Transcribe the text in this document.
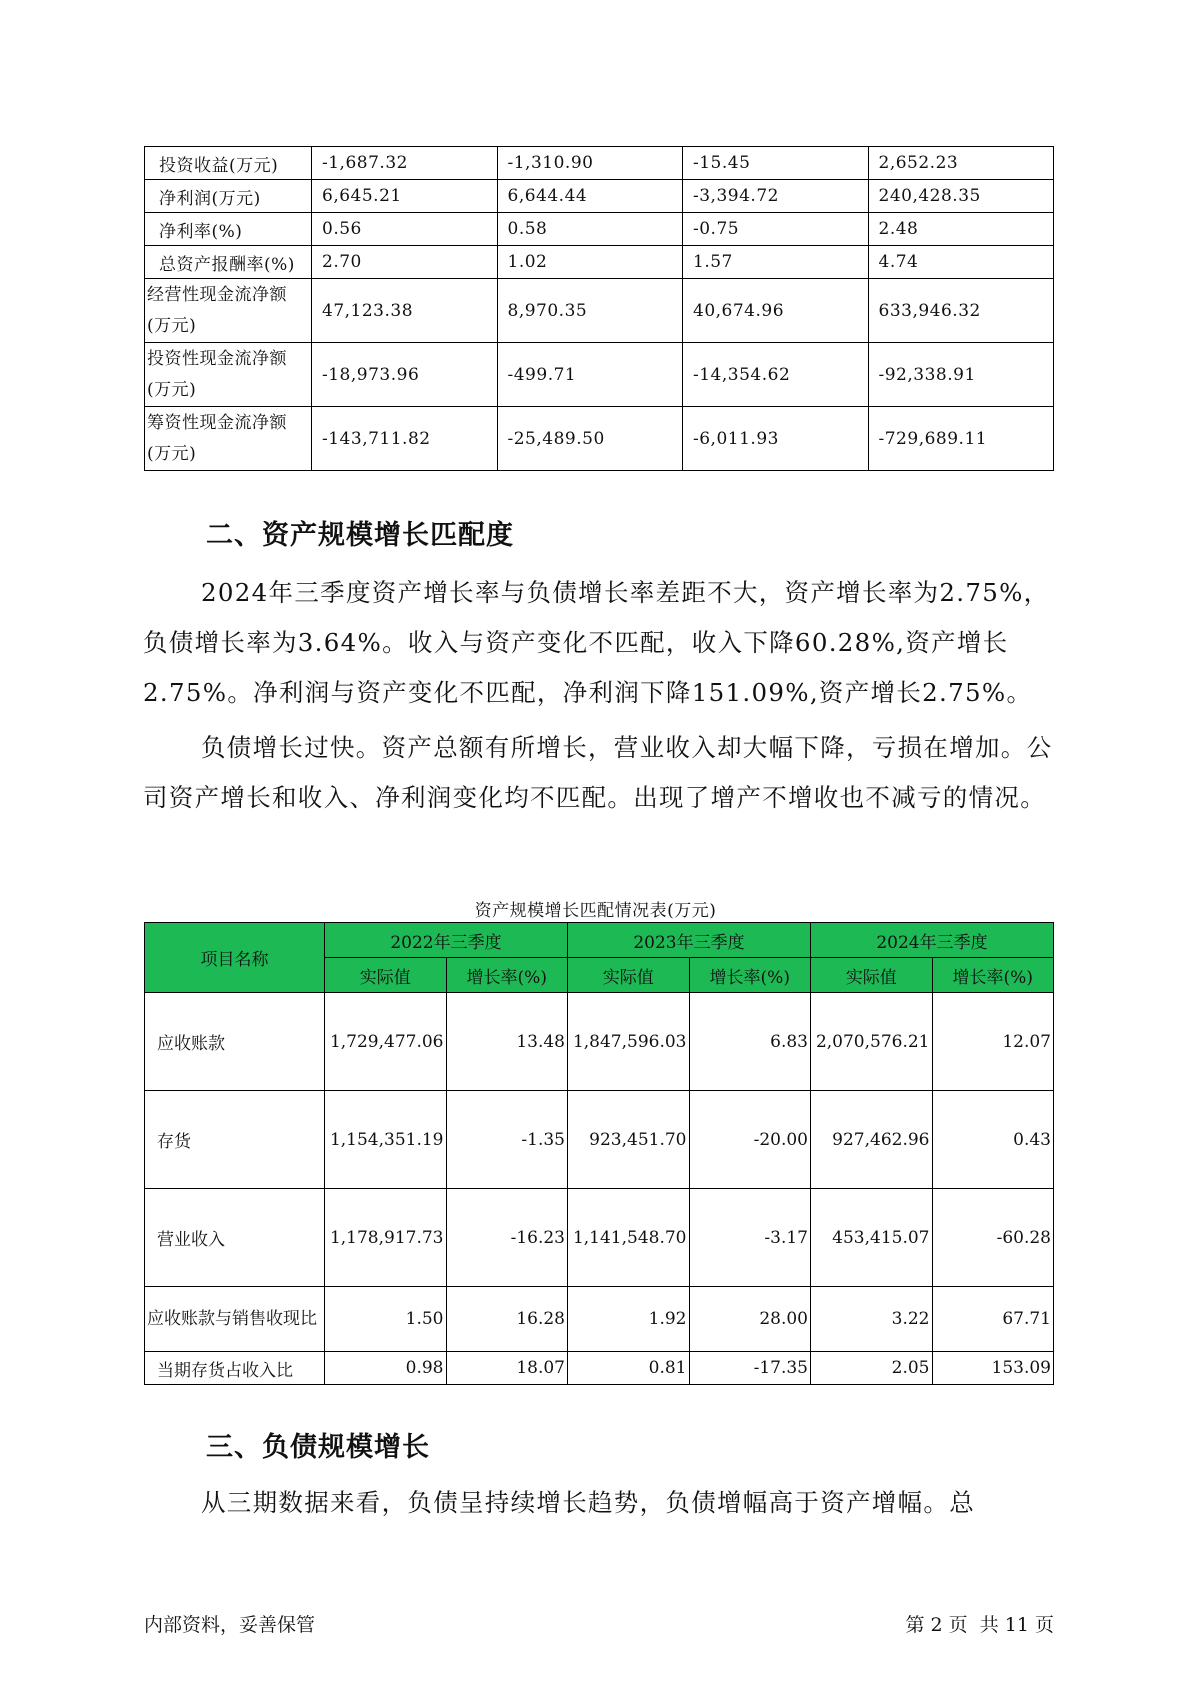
投资收益(万元)	-1,687.32	-1,310.90	-15.45	2,652.23
净利润(万元)	6,645.21	6,644.44	-3,394.72	240,428.35
净利率(%)	0.56	0.58	-0.75	2.48
总资产报酬率(%)	2.70	1.02	1.57	4.74
经营性现金流净额(万元)	47,123.38	8,970.35	40,674.96	633,946.32
投资性现金流净额(万元)	-18,973.96	-499.71	-14,354.62	-92,338.91
筹资性现金流净额(万元)	-143,711.82	-25,489.50	-6,011.93	-729,689.11
二、资产规模增长匹配度

2024年三季度资产增长率与负债增长率差距不大，资产增长率为2.75%，负债增长率为3.64%。收入与资产变化不匹配，收入下降60.28%,资产增长2.75%。净利润与资产变化不匹配，净利润下降151.09%,资产增长2.75%。

负债增长过快。资产总额有所增长，营业收入却大幅下降，亏损在增加。公司资产增长和收入、净利润变化均不匹配。出现了增产不增收也不减亏的情况。

资产规模增长匹配情况表(万元)

项目名称	2022年三季度		2023年三季度		2024年三季度	
	实际值	增长率(%)	实际值	增长率(%)	实际值	增长率(%)
应收账款	1,729,477.06	13.48	1,847,596.03	6.83	2,070,576.21	12.07
存货	1,154,351.19	-1.35	923,451.70	-20.00	927,462.96	0.43
营业收入	1,178,917.73	-16.23	1,141,548.70	-3.17	453,415.07	-60.28
应收账款与销售收现比	1.50	16.28	1.92	28.00	3.22	67.71
当期存货占收入比	0.98	18.07	0.81	-17.35	2.05	153.09
三、负债规模增长

从三期数据来看，负债呈持续增长趋势，负债增幅高于资产增幅。总

内部资料，妥善保管	第 2 页 共 11 页
